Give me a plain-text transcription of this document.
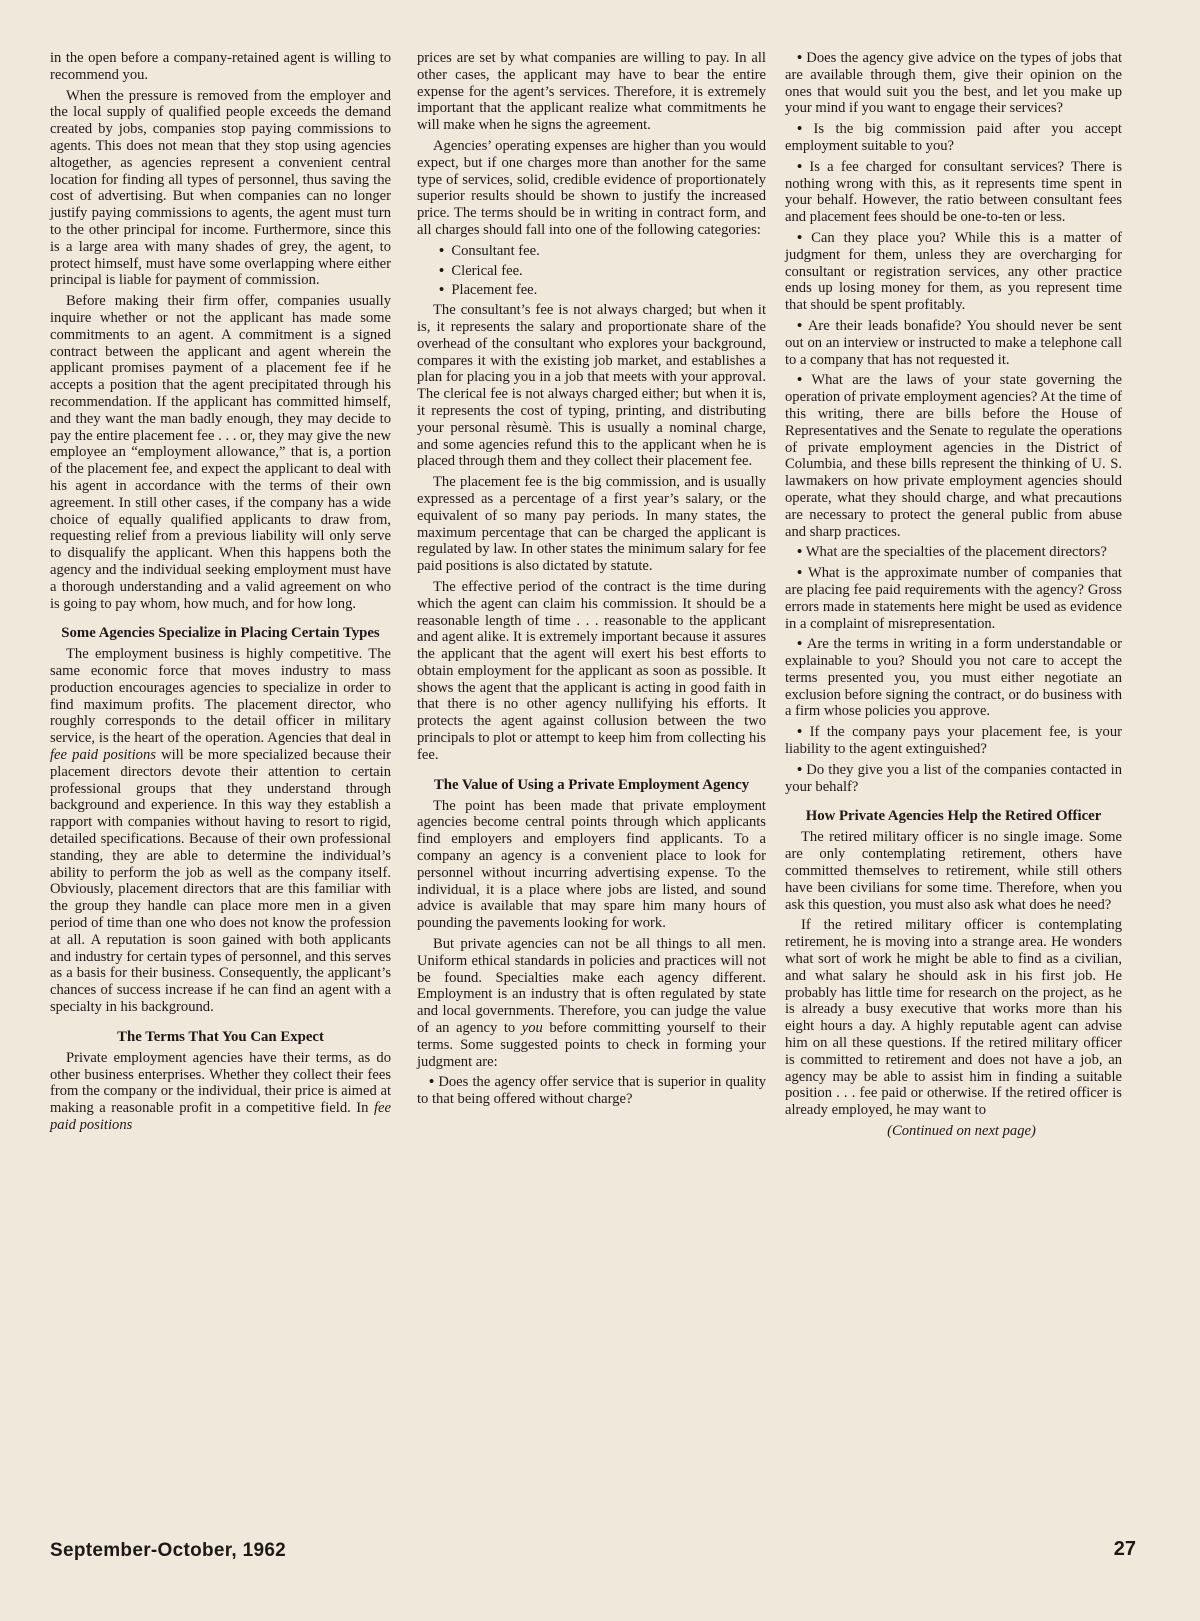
in the open before a company-retained agent is willing to recommend you.

When the pressure is removed from the employer and the local supply of qualified people exceeds the demand created by jobs, companies stop paying commissions to agents. This does not mean that they stop using agencies altogether, as agencies represent a convenient central location for finding all types of personnel, thus saving the cost of advertising. But when companies can no longer justify paying commissions to agents, the agent must turn to the other principal for income. Furthermore, since this is a large area with many shades of grey, the agent, to protect himself, must have some overlapping where either principal is liable for payment of commission.

Before making their firm offer, companies usually inquire whether or not the applicant has made some commitments to an agent. A commitment is a signed contract between the applicant and agent wherein the applicant promises payment of a placement fee if he accepts a position that the agent precipitated through his recommendation. If the applicant has committed himself, and they want the man badly enough, they may decide to pay the entire placement fee . . . or, they may give the new employee an “employment allowance,” that is, a portion of the placement fee, and expect the applicant to deal with his agent in accordance with the terms of their own agreement. In still other cases, if the company has a wide choice of equally qualified applicants to draw from, requesting relief from a previous liability will only serve to disqualify the applicant. When this happens both the agency and the individual seeking employment must have a thorough understanding and a valid agreement on who is going to pay whom, how much, and for how long.

Some Agencies Specialize in Placing Certain Types

The employment business is highly competitive. The same economic force that moves industry to mass production encourages agencies to specialize in order to find maximum profits. The placement director, who roughly corresponds to the detail officer in military service, is the heart of the operation. Agencies that deal in fee paid positions will be more specialized because their placement directors devote their attention to certain professional groups that they understand through background and experience. In this way they establish a rapport with companies without having to resort to rigid, detailed specifications. Because of their own professional standing, they are able to determine the individual’s ability to perform the job as well as the company itself. Obviously, placement directors that are this familiar with the group they handle can place more men in a given period of time than one who does not know the profession at all. A reputation is soon gained with both applicants and industry for certain types of personnel, and this serves as a basis for their business. Consequently, the applicant’s chances of success increase if he can find an agent with a specialty in his background.

The Terms That You Can Expect

Private employment agencies have their terms, as do other business enterprises. Whether they collect their fees from the company or the individual, their price is aimed at making a reasonable profit in a competitive field. In fee paid positions

prices are set by what companies are willing to pay. In all other cases, the applicant may have to bear the entire expense for the agent’s services. Therefore, it is extremely important that the applicant realize what commitments he will make when he signs the agreement.

Agencies’ operating expenses are higher than you would expect, but if one charges more than another for the same type of services, solid, credible evidence of proportionately superior results should be shown to justify the increased price. The terms should be in writing in contract form, and all charges should fall into one of the following categories:

•  Consultant fee.

•  Clerical fee.

•  Placement fee.

The consultant’s fee is not always charged; but when it is, it represents the salary and proportionate share of the overhead of the consultant who explores your background, compares it with the existing job market, and establishes a plan for placing you in a job that meets with your approval. The clerical fee is not always charged either; but when it is, it represents the cost of typing, printing, and distributing your personal rèsumè. This is usually a nominal charge, and some agencies refund this to the applicant when he is placed through them and they collect their placement fee.

The placement fee is the big commission, and is usually expressed as a percentage of a first year’s salary, or the equivalent of so many pay periods. In many states, the maximum percentage that can be charged the applicant is regulated by law. In other states the minimum salary for fee paid positions is also dictated by statute.

The effective period of the contract is the time during which the agent can claim his commission. It should be a reasonable length of time . . . reasonable to the applicant and agent alike. It is extremely important because it assures the applicant that the agent will exert his best efforts to obtain employment for the applicant as soon as possible. It shows the agent that the applicant is acting in good faith in that there is no other agency nullifying his efforts. It protects the agent against collusion between the two principals to plot or attempt to keep him from collecting his fee.

The Value of Using a Private Employment Agency

The point has been made that private employment agencies become central points through which applicants find employers and employers find applicants. To a company an agency is a convenient place to look for personnel without incurring advertising expense. To the individual, it is a place where jobs are listed, and sound advice is available that may spare him many hours of pounding the pavements looking for work.

But private agencies can not be all things to all men. Uniform ethical standards in policies and practices will not be found. Specialties make each agency different. Employment is an industry that is often regulated by state and local governments. Therefore, you can judge the value of an agency to you before committing yourself to their terms. Some suggested points to check in forming your judgment are:

• Does the agency offer service that is superior in quality to that being offered without charge?

• Does the agency give advice on the types of jobs that are available through them, give their opinion on the ones that would suit you the best, and let you make up your mind if you want to engage their services?

• Is the big commission paid after you accept employment suitable to you?

• Is a fee charged for consultant services? There is nothing wrong with this, as it represents time spent in your behalf. However, the ratio between consultant fees and placement fees should be one-to-ten or less.

• Can they place you? While this is a matter of judgment for them, unless they are overcharging for consultant or registration services, any other practice ends up losing money for them, as you represent time that should be spent profitably.

• Are their leads bonafide? You should never be sent out on an interview or instructed to make a telephone call to a company that has not requested it.

• What are the laws of your state governing the operation of private employment agencies? At the time of this writing, there are bills before the House of Representatives and the Senate to regulate the operations of private employment agencies in the District of Columbia, and these bills represent the thinking of U. S. lawmakers on how private employment agencies should operate, what they should charge, and what precautions are necessary to protect the general public from abuse and sharp practices.

• What are the specialties of the placement directors?

• What is the approximate number of companies that are placing fee paid requirements with the agency? Gross errors made in statements here might be used as evidence in a complaint of misrepresentation.

• Are the terms in writing in a form understandable or explainable to you? Should you not care to accept the terms presented you, you must either negotiate an exclusion before signing the contract, or do business with a firm whose policies you approve.

• If the company pays your placement fee, is your liability to the agent extinguished?

• Do they give you a list of the companies contacted in your behalf?

How Private Agencies Help the Retired Officer

The retired military officer is no single image. Some are only contemplating retirement, others have committed themselves to retirement, while still others have been civilians for some time. Therefore, when you ask this question, you must also ask what does he need?

If the retired military officer is contemplating retirement, he is moving into a strange area. He wonders what sort of work he might be able to find as a civilian, and what salary he should ask in his first job. He probably has little time for research on the project, as he is already a busy executive that works more than his eight hours a day. A highly reputable agent can advise him on all these questions. If the retired military officer is committed to retirement and does not have a job, an agency may be able to assist him in finding a suitable position . . . fee paid or otherwise. If the retired officer is already employed, he may want to

(Continued on next page)

September-October, 1962	27
